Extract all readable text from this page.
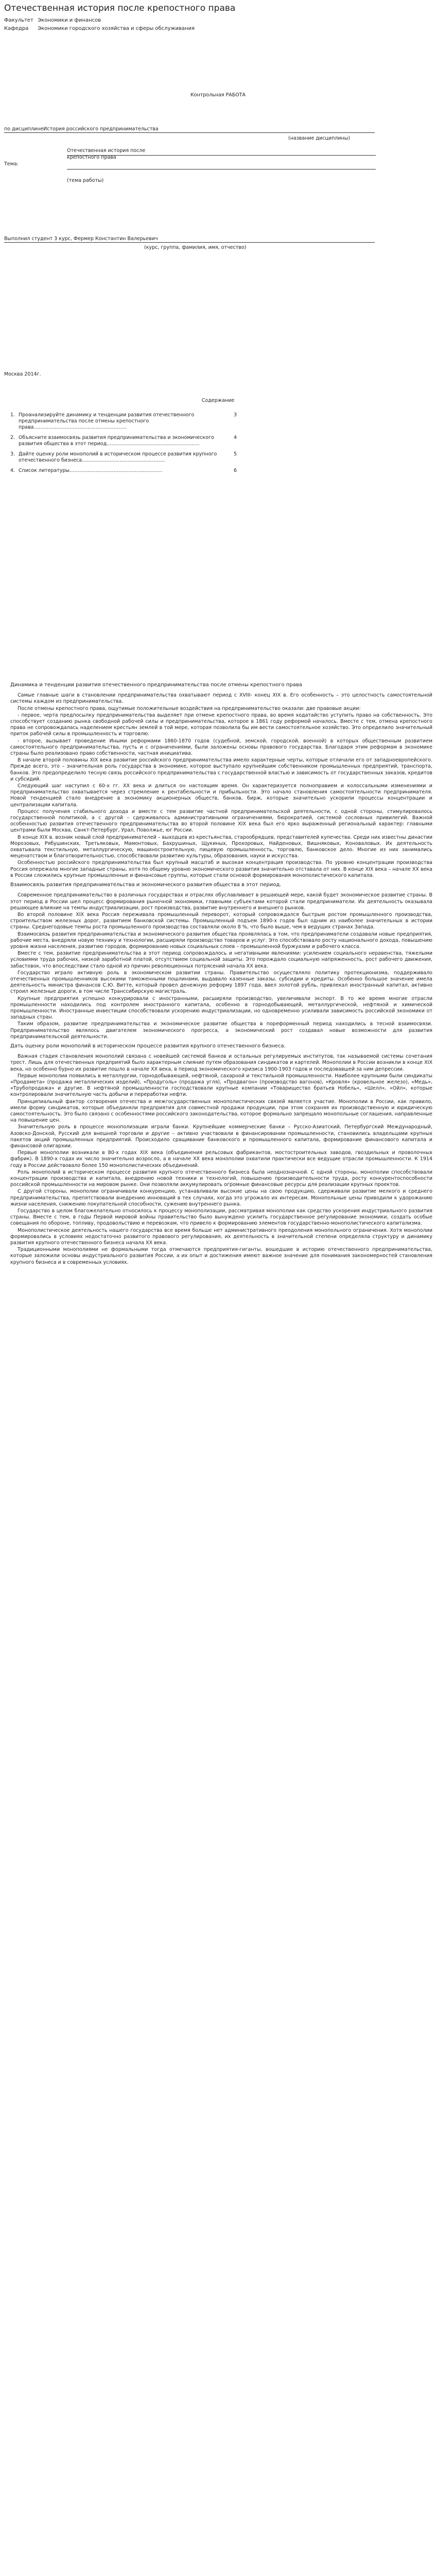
Отечественная история после крепостного права
Факультет Экономики и финансов
Кафедра Экономики городского хозяйства и сферы обслуживания
Контрольная РАБОТА
по дисциплинеИстория российского предпринимательства
(название дисциплины)
Тема:
Отечественная история после крепостного права
(тема работы)
Выполнил студент 3 курс, Фермер Константин Валерьевич
(курс, группа, фамилия, имя, отчество)
Москва 2014г.
Содержание
1. Проанализируйте динамику и тенденции развития отечественного предпринимательства после отмены крепостного права…………………………………………………
3
2. Объясните взаимосвязь развития предпринимательства и экономического развития общества в этот период…………………………………………………
4
3. Дайте оценку роли монополий в историческом процессе развития крупного отечественного бизнеса……………………………………………
5
4. Список литературы…………………………………………………	6

Динамика и тенденции развития отечественного предпринимательства после отмены крепостного права

Самые главные шаги в становлении предпринимательства охватывают период с XVIII- конец XIX в. Его особенность – это целостность самостоятельной системы каждом из предпринимательства.

После отмены крепостного права, ощутимые положительные воздействия на предпринимательство оказали: две правовые акции:

- первое, черта предпосылку предпринимательства выделяет при отмене крепостного права, во время ходатайство уступить право на собственность. Это способствует созданию рынка свободной рабочей силы и предпринимательства, которое в 1861 году реформой началось. Вместе с тем, отмена крепостного права не сопровождалась наделением крестьян землей в той мере, которая позволила бы им вести самостоятельное хозяйство. Это определило значительный приток рабочей силы в промышленность и торговлю.

- второе, вызывает проведение Иными реформами 1860-1870 годов (судебной, земской, городской, военной) в которых общественным развитием самостоятельного предпринимательства, пусть и с ограничениями, были заложены основы правового государства. Благодаря этим реформам в экономике страны было реализовано право собственности, частная инициатива.

В начале второй половины XIX века развитие российского предпринимательства имело характерные черты, которые отличали его от западноевропейского. Прежде всего, это – значительная роль государства в экономике, которое выступало крупнейшим собственником промышленных предприятий, транспорта, банков. Это предопределило тесную связь российского предпринимательства с государственной властью и зависимость от государственных заказов, кредитов и субсидий.

Следующий шаг наступил с 60-х гг. XX века и длиться он настоящим время. Он характеризуется полноправием и колоссальными изменениями и предпринимательство охватывается через стремление к рентабельности и прибыльности. Это начало становления самостоятельности предпринимателя. Новой тенденцией стало внедрение в экономику акционерных обществ, банков, бирж, которые значительно ускорили процессы концентрации и централизации капитала.

Процесс получения стабильного дохода и вместе с тем развитие частной предпринимательской деятельности, с одной стороны, стимулировалось государственной политикой, а с другой – сдерживалось административными ограничениями, бюрократией, системой сословных привилегий. Важной особенностью развития отечественного предпринимательства во второй половине XIX века был его ярко выраженный региональный характер: главными центрами были Москва, Санкт-Петербург, Урал, Поволжье, юг России.

В конце XIX в. возник новый слой предпринимателей – выходцев из крестьянства, старообрядцев, представителей купечества. Среди них известны династии Морозовых, Рябушинских, Третьяковых, Мамонтовых, Бахрушиных, Щукиных, Прохоровых, Найденовых, Вишняковых, Коноваловых. Их деятельность охватывала текстильную, металлургическую, машиностроительную, пищевую промышленность, торговлю, банковское дело. Многие из них занимались меценатством и благотворительностью, способствовали развитию культуры, образования, науки и искусства.

Особенностью российского предпринимательства был крупный масштаб и высокая концентрация производства. По уровню концентрации производства Россия опережала многие западные страны, хотя по общему уровню экономического развития значительно отставала от них. В конце XIX века – начале XX века в России сложились крупные промышленные и финансовые группы, которые стали основой формирования монополистического капитала.

Взаимосвязь развития предпринимательства и экономического развития общества в этот период.

Современное предпринимательство в различных государствах и отраслях обуславливает в решающей мере, какой будет экономическое развитие страны. В этот период в России шел процесс формирования рыночной экономики, главными субъектами которой стали предприниматели. Их деятельность оказывала решающее влияние на темпы индустриализации, рост производства, развитие внутреннего и внешнего рынков.

Во второй половине XIX века Россия переживала промышленный переворот, который сопровождался быстрым ростом промышленного производства, строительством железных дорог, развитием банковской системы. Промышленный подъем 1890-х годов был одним из наиболее значительных в истории страны. Среднегодовые темпы роста промышленного производства составляли около 8 %, что было выше, чем в ведущих странах Запада.

Взаимосвязь развития предпринимательства и экономического развития общества проявлялась в том, что предприниматели создавали новые предприятия, рабочие места, внедряли новую технику и технологии, расширяли производство товаров и услуг. Это способствовало росту национального дохода, повышению уровня жизни населения, развитию городов, формированию новых социальных слоев – промышленной буржуазии и рабочего класса.

Вместе с тем, развитие предпринимательства в этот период сопровождалось и негативными явлениями: усилением социального неравенства, тяжелыми условиями труда рабочих, низкой заработной платой, отсутствием социальной защиты. Это порождало социальную напряженность, рост рабочего движения, забастовок, что впоследствии стало одной из причин революционных потрясений начала XX века.

Государство играло активную роль в экономическом развитии страны. Правительство осуществляло политику протекционизма, поддерживало отечественных промышленников высокими таможенными пошлинами, выдавало казенные заказы, субсидии и кредиты. Особенно большое значение имела деятельность министра финансов С.Ю. Витте, который провел денежную реформу 1897 года, ввел золотой рубль, привлекал иностранный капитал, активно строил железные дороги, в том числе Транссибирскую магистраль.

Крупные предприятия успешно конкурировали с иностранными, расширяли производство, увеличивали экспорт. В то же время многие отрасли промышленности находились под контролем иностранного капитала, особенно в горнодобывающей, металлургической, нефтяной и химической промышленности. Иностранные инвестиции способствовали ускорению индустриализации, но одновременно усиливали зависимость российской экономики от западных стран.

Таким образом, развитие предпринимательства и экономическое развитие общества в пореформенный период находились в тесной взаимосвязи. Предпринимательство являлось двигателем экономического прогресса, а экономический рост создавал новые возможности для развития предпринимательской деятельности.

Дать оценку роли монополий в историческом процессе развития крупного отечественного бизнеса.

Важная стадия становления монополий связана с новейшей системой банков и остальных регулируемых институтов, так называемой системы сочетания трест. Лишь для отечественных предприятий было характерным слияние путем образования синдикатов и картелей. Монополии в России возникли в конце XIX века, но особенно бурно их развитие пошло в начале XX века, в период экономического кризиса 1900-1903 годов и последовавшей за ним депрессии.

Первые монополии появились в металлургии, горнодобывающей, нефтяной, сахарной и текстильной промышленности. Наиболее крупными были синдикаты «Продамета» (продажа металлических изделий), «Продуголь» (продажа угля), «Продвагон» (производство вагонов), «Кровля» (кровельное железо), «Медь», «Трубопродажа» и другие. В нефтяной промышленности господствовали крупные компании «Товарищество братьев Нобель», «Шелл», «Ойл», которые контролировали значительную часть добычи и переработки нефти.

Принципиальный фактор сотворения отечества и межгосударственных монополистических связей является участие. Монополии в России, как правило, имели форму синдикатов, которые объединяли предприятия для совместной продажи продукции, при этом сохраняя их производственную и юридическую самостоятельность. Это было связано с особенностями российского законодательства, которое формально запрещало монопольные соглашения, направленные на повышение цен.

Значительную роль в процессе монополизации играли банки. Крупнейшие коммерческие банки – Русско-Азиатский, Петербургский Международный, Азовско-Донской, Русский для внешней торговли и другие – активно участвовали в финансировании промышленности, становились владельцами крупных пакетов акций промышленных предприятий. Происходило сращивание банковского и промышленного капитала, формирование финансового капитала и финансовой олигархии.

Первые монополии возникали в 80-х годах XIX века (объединения рельсовых фабрикантов, мостостроительных заводов, гвоздильных и проволочных фабрик). В 1890-х годах их число значительно возросло, а в начале XX века монополии охватили практически все ведущие отрасли промышленности. К 1914 году в России действовало более 150 монополистических объединений.

Роль монополий в историческом процессе развития крупного отечественного бизнеса была неоднозначной. С одной стороны, монополии способствовали концентрации производства и капитала, внедрению новой техники и технологий, повышению производительности труда, росту конкурентоспособности российской промышленности на мировом рынке. Они позволяли аккумулировать огромные финансовые ресурсы для реализации крупных проектов.

С другой стороны, монополии ограничивали конкуренцию, устанавливали высокие цены на свою продукцию, сдерживали развитие мелкого и среднего предпринимательства, препятствовали внедрению инноваций в тех случаях, когда это угрожало их интересам. Монопольные цены приводили к удорожанию жизни населения, снижению покупательной способности, сужению внутреннего рынка.

Государство в целом благожелательно относилось к процессу монополизации, рассматривая монополии как средство ускорения индустриального развития страны. Вместе с тем, в годы Первой мировой войны правительство было вынуждено усилить государственное регулирование экономики, создать особые совещания по обороне, топливу, продовольствию и перевозкам, что привело к формированию элементов государственно-монополистического капитализма.

Монополистическое деятельность нашего государства все время больше нет административного преодоления монопольного ограничения. Хотя монополии формировались в условиях недостаточно развитого правового регулирования, их деятельность в значительной степени определяла структуру и динамику развития крупного отечественного бизнеса начала XX века.

Традиционными монополиями не формальными тогда отмечаются предприятия-гиганты, вошедшие в историю отечественного предпринимательства, которые заложили основы индустриального развития России, а их опыт и достижения имеют важное значение для понимания закономерностей становления крупного бизнеса и в современных условиях.
